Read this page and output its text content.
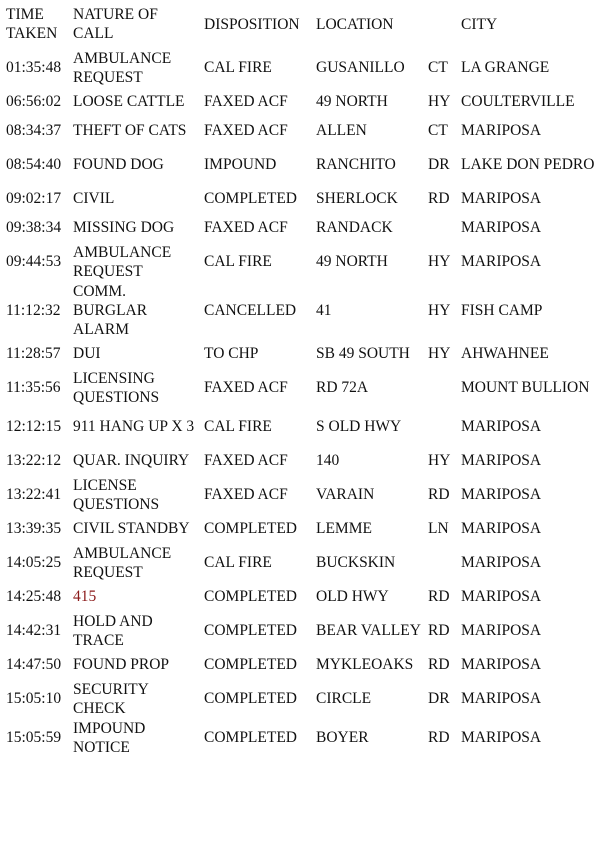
TIME TAKEN	NATURE OF CALL	DISPOSITION	LOCATION		CITY
01:35:48	AMBULANCE REQUEST	CAL FIRE	GUSANILLO	CT	LA GRANGE
06:56:02	LOOSE CATTLE	FAXED ACF	49 NORTH	HY	COULTERVILLE
08:34:37	THEFT OF CATS	FAXED ACF	ALLEN	CT	MARIPOSA
08:54:40	FOUND DOG	IMPOUND	RANCHITO	DR	LAKE DON PEDRO
09:02:17	CIVIL	COMPLETED	SHERLOCK	RD	MARIPOSA
09:38:34	MISSING DOG	FAXED ACF	RANDACK		MARIPOSA
09:44:53	AMBULANCE REQUEST	CAL FIRE	49 NORTH	HY	MARIPOSA
11:12:32	COMM. BURGLAR ALARM	CANCELLED	41	HY	FISH CAMP
11:28:57	DUI	TO CHP	SB 49 SOUTH	HY	AHWAHNEE
11:35:56	LICENSING QUESTIONS	FAXED ACF	RD 72A		MOUNT BULLION
12:12:15	911 HANG UP X 3	CAL FIRE	S OLD HWY		MARIPOSA
13:22:12	QUAR. INQUIRY	FAXED ACF	140	HY	MARIPOSA
13:22:41	LICENSE QUESTIONS	FAXED ACF	VARAIN	RD	MARIPOSA
13:39:35	CIVIL STANDBY	COMPLETED	LEMME	LN	MARIPOSA
14:05:25	AMBULANCE REQUEST	CAL FIRE	BUCKSKIN		MARIPOSA
14:25:48	415	COMPLETED	OLD HWY	RD	MARIPOSA
14:42:31	HOLD AND TRACE	COMPLETED	BEAR VALLEY	RD	MARIPOSA
14:47:50	FOUND PROP	COMPLETED	MYKLEOAKS	RD	MARIPOSA
15:05:10	SECURITY CHECK	COMPLETED	CIRCLE	DR	MARIPOSA
15:05:59	IMPOUND NOTICE	COMPLETED	BOYER	RD	MARIPOSA
